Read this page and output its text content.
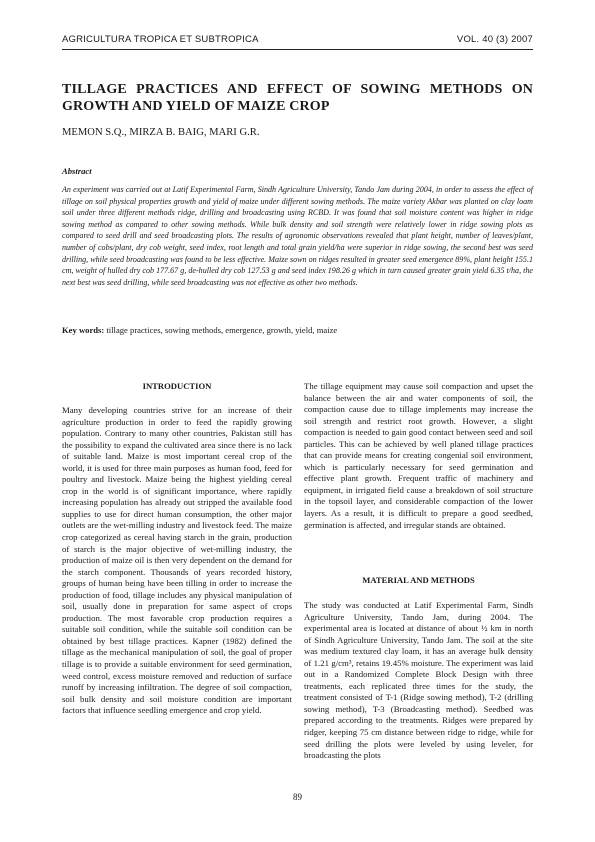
AGRICULTURA TROPICA ET SUBTROPICA	VOL. 40 (3) 2007
TILLAGE PRACTICES AND EFFECT OF SOWING METHODS ON GROWTH AND YIELD OF MAIZE CROP
MEMON S.Q., MIRZA B. BAIG, MARI G.R.
Abstract
An experiment was carried out at Latif Experimental Farm, Sindh Agriculture University, Tando Jam during 2004, in order to assess the effect of tillage on soil physical properties growth and yield of maize under different sowing methods. The maize variety Akbar was planted on clay loam soil under three different methods ridge, drilling and broadcasting using RCBD. It was found that soil moisture content was higher in ridge sowing method as compared to other sowing methods. While bulk density and soil strength were relatively lower in ridge sowing plots as compared to seed drill and seed broadcasting plots. The results of agronomic observations revealed that plant height, number of leaves/plant, number of cobs/plant, dry cob weight, seed index, root length and total grain yield/ha were superior in ridge sowing, the second best was seed drilling, while seed broadcasting was found to be less effective. Maize sown on ridges resulted in greater seed emergence 89%, plant height 155.1 cm, weight of hulled dry cob 177.67 g, de-hulled dry cob 127.53 g and seed index 198.26 g which in turn caused greater grain yield 6.35 t/ha, the next best was seed drilling, while seed broadcasting was not effective as other two methods.
Key words: tillage practices, sowing methods, emergence, growth, yield, maize
INTRODUCTION
Many developing countries strive for an increase of their agriculture production in order to feed the rapidly growing population. Contrary to many other countries, Pakistan still has the possibility to expand the cultivated area since there is no lack of suitable land. Maize is most important cereal crop of the world, it is used for three main purposes as human food, feed for poultry and livestock. Maize being the highest yielding cereal crop in the world is of significant importance, where rapidly increasing population has already out stripped the available food supplies to use for direct human consumption, the other major outlets are the wet-milling industry and livestock feed. The maize crop categorized as cereal having starch in the grain, production of starch is the major objective of wet-milling industry, the production of maize oil is then very dependent on the demand for the starch component. Thousands of years recorded history, groups of human being have been tilling in order to increase the production of food, tillage includes any physical manipulation of soil, usually done in preparation for same aspect of crops production. The most favorable crop production requires a suitable soil condition, while the suitable soil condition can be obtained by best tillage practices. Kapner (1982) defined the tillage as the mechanical manipulation of soil, the goal of proper tillage is to provide a suitable environment for seed germination, weed control, excess moisture removed and reduction of surface runoff by increasing infiltration. The degree of soil compaction, soil bulk density and soil moisture condition are important factors that influence seedling emergence and crop yield.
The tillage equipment may cause soil compaction and upset the balance between the air and water components of soil, the compaction cause due to tillage implements may increase the soil strength and restrict root growth. However, a slight compaction is needed to gain good contact between seed and soil particles. This can be achieved by well planed tillage practices that can provide means for creating congenial soil environment, which is particularly necessary for seed germination and effective plant growth. Frequent traffic of machinery and equipment, in irrigated field cause a breakdown of soil structure in the topsoil layer, and considerable compaction of the lower layers. As a result, it is difficult to prepare a good seedbed, germination is affected, and irregular stands are obtained.
MATERIAL AND METHODS
The study was conducted at Latif Experimental Farm, Sindh Agriculture University, Tando Jam, during 2004. The experimental area is located at distance of about ½ km in north of Sindh Agriculture University, Tando Jam. The soil at the site was medium textured clay loam, it has an average bulk density of 1.21 g/cm³, retains 19.45% moisture. The experiment was laid out in a Randomized Complete Block Design with three treatments, each replicated three times for the study, the treatment consisted of T-1 (Ridge sowing method), T-2 (drilling sowing method), T-3 (Broadcasting method). Seedbed was prepared according to the treatments. Ridges were prepared by ridger, keeping 75 cm distance between ridge to ridge, while for seed drilling the plots were leveled by using leveler, for broadcasting the plots
89
